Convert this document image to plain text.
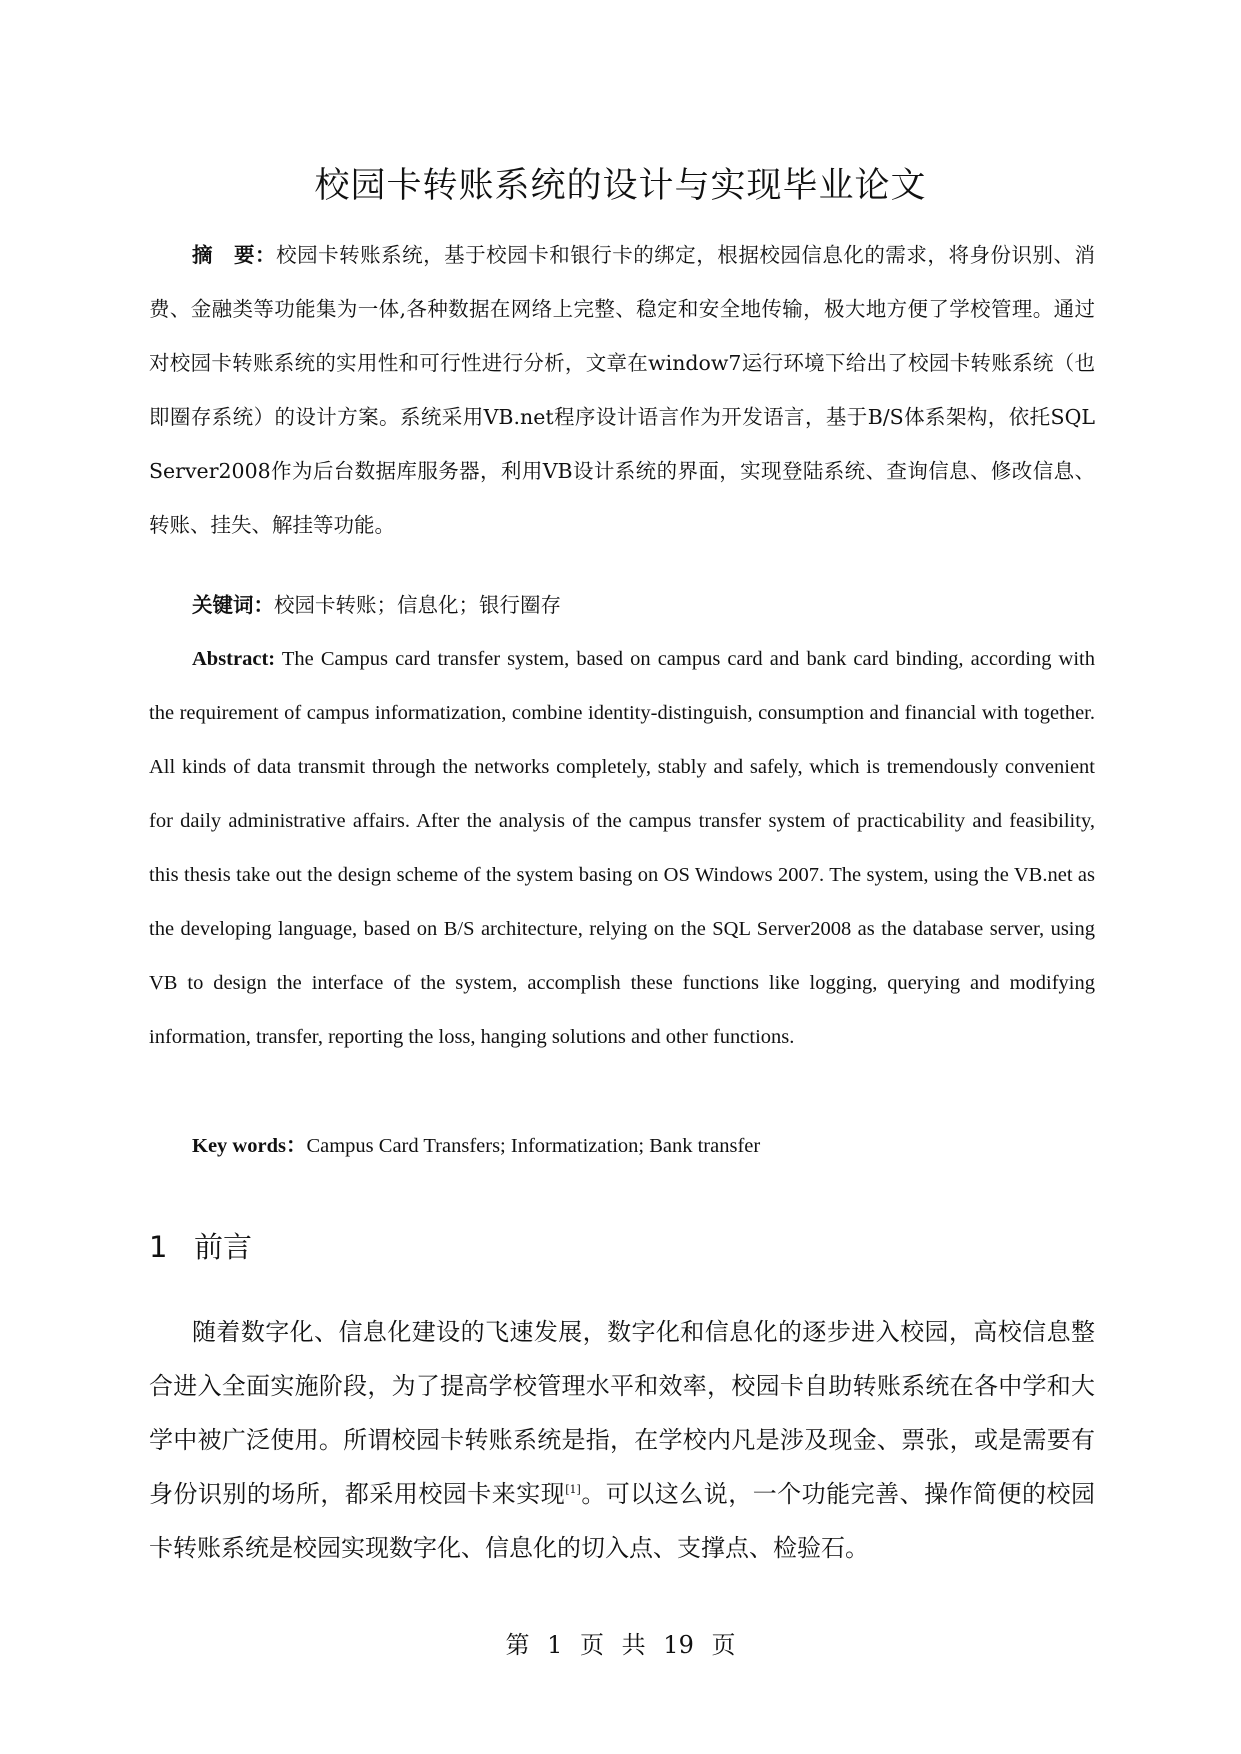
校园卡转账系统的设计与实现毕业论文

摘　要：校园卡转账系统，基于校园卡和银行卡的绑定，根据校园信息化的需求，将身份识别、消费、金融类等功能集为一体,各种数据在网络上完整、稳定和安全地传输，极大地方便了学校管理。通过对校园卡转账系统的实用性和可行性进行分析，文章在window7运行环境下给出了校园卡转账系统（也即圈存系统）的设计方案。系统采用VB.net程序设计语言作为开发语言，基于B/S体系架构，依托SQL Server2008作为后台数据库服务器，利用VB设计系统的界面，实现登陆系统、查询信息、修改信息、转账、挂失、解挂等功能。

关键词：校园卡转账；信息化；银行圈存

Abstract: The Campus card transfer system, based on campus card and bank card binding, according with the requirement of campus informatization, combine identity-distinguish, consumption and financial with together. All kinds of data transmit through the networks completely, stably and safely, which is tremendously convenient for daily administrative affairs. After the analysis of the campus transfer system of practicability and feasibility, this thesis take out the design scheme of the system basing on OS Windows 2007. The system, using the VB.net as the developing language, based on B/S architecture, relying on the SQL Server2008 as the database server, using VB to design the interface of the system, accomplish these functions like logging, querying and modifying information, transfer, reporting the loss, hanging solutions and other functions.

Key words：Campus Card Transfers; Informatization; Bank transfer

1 前言

随着数字化、信息化建设的飞速发展，数字化和信息化的逐步进入校园，高校信息整合进入全面实施阶段，为了提高学校管理水平和效率，校园卡自助转账系统在各中学和大学中被广泛使用。所谓校园卡转账系统是指，在学校内凡是涉及现金、票张，或是需要有身份识别的场所，都采用校园卡来实现[1]。可以这么说，一个功能完善、操作简便的校园卡转账系统是校园实现数字化、信息化的切入点、支撑点、检验石。

第 1 页 共 19 页
